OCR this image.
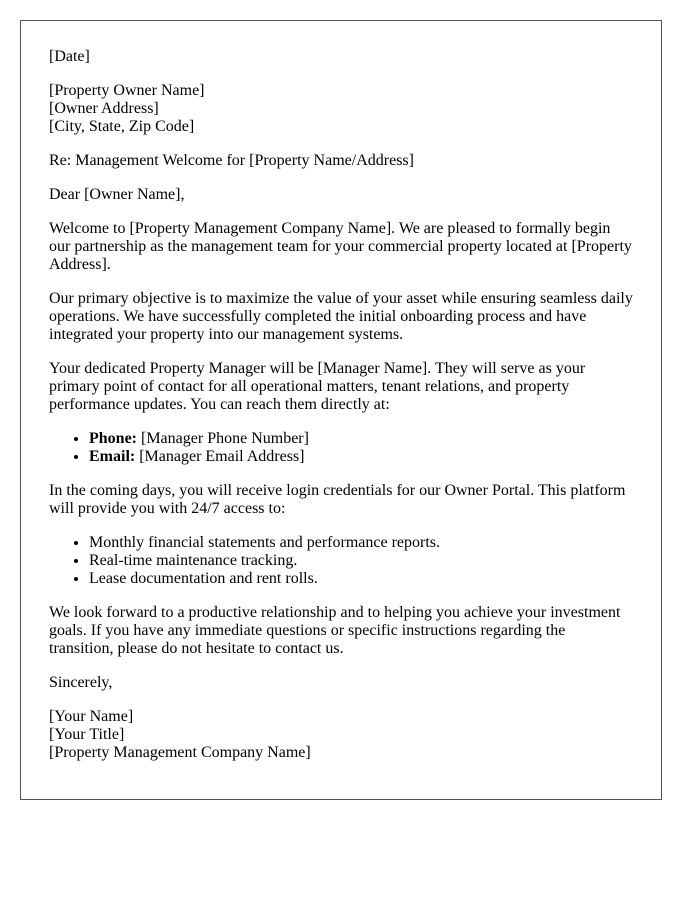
[Date]

[Property Owner Name]
[Owner Address]
[City, State, Zip Code]

Re: Management Welcome for [Property Name/Address]

Dear [Owner Name],

Welcome to [Property Management Company Name]. We are pleased to formally begin our partnership as the management team for your commercial property located at [Property Address].

Our primary objective is to maximize the value of your asset while ensuring seamless daily operations. We have successfully completed the initial onboarding process and have integrated your property into our management systems.

Your dedicated Property Manager will be [Manager Name]. They will serve as your primary point of contact for all operational matters, tenant relations, and property performance updates. You can reach them directly at:

• Phone: [Manager Phone Number]
• Email: [Manager Email Address]

In the coming days, you will receive login credentials for our Owner Portal. This platform will provide you with 24/7 access to:

• Monthly financial statements and performance reports.
• Real-time maintenance tracking.
• Lease documentation and rent rolls.

We look forward to a productive relationship and to helping you achieve your investment goals. If you have any immediate questions or specific instructions regarding the transition, please do not hesitate to contact us.

Sincerely,

[Your Name]
[Your Title]
[Property Management Company Name]
